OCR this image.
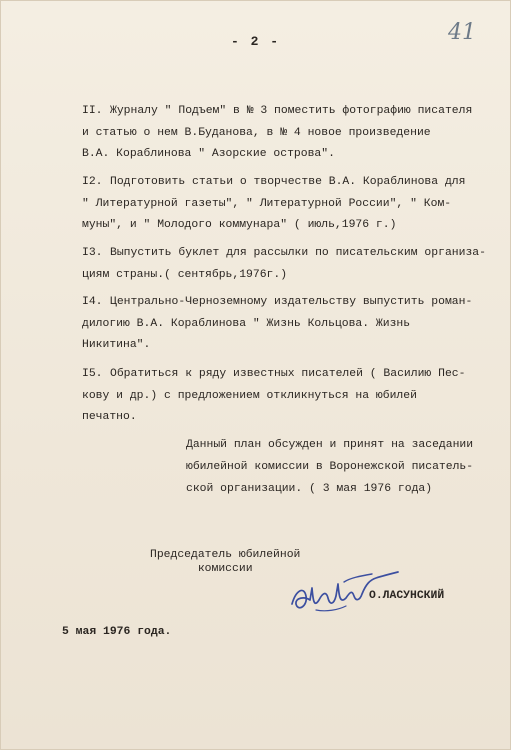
- 2 -	41
II. Журналу " Подъем" в № 3 поместить фотографию писателя
и статью о нем В.Буданова, в № 4 новое произведение
В.А. Кораблинова " Азорские острова".
I2. Подготовить статьи о творчестве В.А. Кораблинова для
" Литературной газеты", " Литературной России", " Ком-
муны", и " Молодого коммунара" ( июль,1976 г.)
I3. Выпустить буклет для рассылки по писательским организа-
циям страны.( сентябрь,1976г.)
I4. Центрально-Черноземному издательству выпустить роман-
дилогию В.А. Кораблинова " Жизнь Кольцова. Жизнь
Никитина".
I5. Обратиться к ряду известных писателей ( Василию Пес-
кову и др.) с предложением откликнуться на юбилей
печатно.
Данный план обсужден и принят на заседании
юбилейной комиссии в Воронежской писатель-
ской организации. ( 3 мая 1976 года)
Председатель юбилейной
комиссии
О.ЛАСУНСКИЙ
5 мая 1976 года.
